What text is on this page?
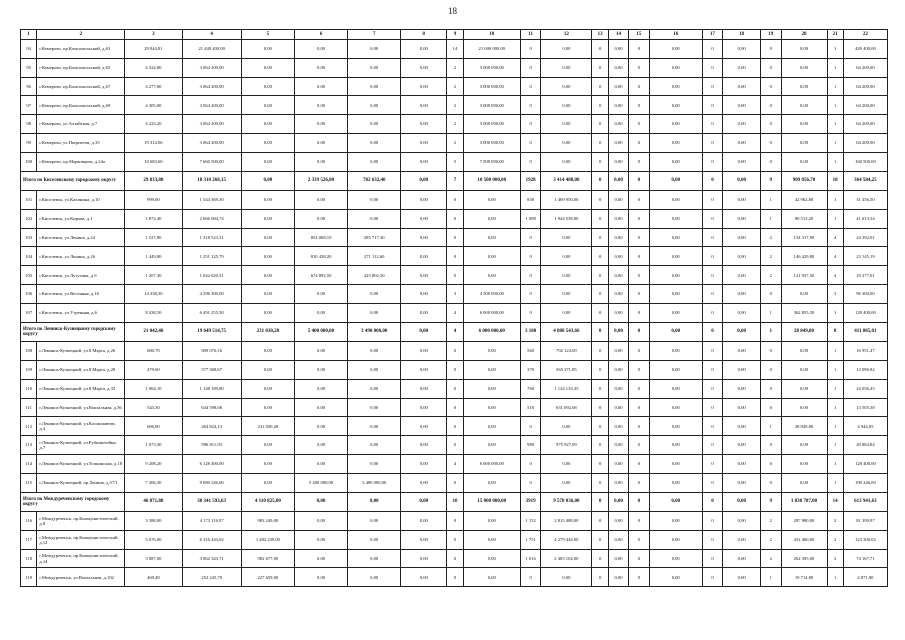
18
1	2	3	4	5	6	7	8	9	10	11	12	13	14	15	16	17	18	19	20	21	22
94	г.Кемерово, пр.Комсомольский, д.63	29 844,81	21 449 400,00	0,00	0,00	0,00	0,00	14	21 000 000,00	0	0,00	0	0,00	0	0,00	0	0,00	0	0,00	1	449 400,00
95	г.Кемерово, пр.Комсомольский, д.65	4 324,80	3 064 200,00	0,00	0,00	0,00	0,00	2	3 000 000,00	0	0,00	0	0,00	0	0,00	0	0,00	0	0,00	1	64 200,00
96	г.Кемерово, пр.Комсомольский, д.67	4 277,00	3 064 200,00	0,00	0,00	0,00	0,00	2	3 000 000,00	0	0,00	0	0,00	0	0,00	0	0,00	0	0,00	1	64 200,00
97	г.Кемерово, пр.Комсомольский, д.69	4 305,00	3 064 200,00	0,00	0,00	0,00	0,00	2	3 000 000,00	0	0,00	0	0,00	0	0,00	0	0,00	0	0,00	1	64 200,00
98	г.Кемерово, ул.Алтайская, д.7	4 223,20	3 064 200,00	0,00	0,00	0,00	0,00	2	3 000 000,00	0	0,00	0	0,00	0	0,00	0	0,00	0	0,00	1	64 200,00
99	г.Кемерово, ул.Патриотов, д.35	19 314,06	3 064 200,00	0,00	0,00	0,00	0,00	2	3 000 000,00	0	0,00	0	0,00	0	0,00	0	0,00	0	0,00	1	64 200,00
100	г.Кемерово, пр.Марковцева, д.24а	10 683,60	7 660 500,00	0,00	0,00	0,00	0,00	5	7 500 000,00	0	0,00	0	0,00	0	0,00	0	0,00	0	0,00	1	160 500,00
Итого по Киселевскому городскому округу		29 833,80	18 310 268,15	0,00	2 339 526,80	782 632,40	0,00	7	10 500 000,00	1928	3 414 488,00	0	0,00	0	0,00	0	0,00	9	909 056,70	18	364 584,25
101	г.Киселевск, ул.Калинина, д.10	999,60	1 544 369,30	0,00	0,00	0,00	0,00	0	0,00	830	1 469 950,00	0	0,00	0	0,00	0	0,00	1	42 962,80	1	31 456,50
102	г.Киселевск, ул.Кирова, д.1	1 872,40	2 066 084,74	0,00	0,00	0,00	0,00	0	0,00	1 098	1 944 558,00	0	0,00	0	0,00	0	0,00	1	80 513,20	1	41 613,54
103	г.Киселевск, ул.Ленина, д.24	1 527,90	1 318 523,31	0,00	854 068,10	285 717,30	0,00	0	0,00	0	0,00	0	0,00	0	0,00	0	0,00	2	154 317,99	4	24 392,01
104	г.Киселевск, ул.Ленина, д.26	1 449,80	1 251 125,79	0,00	810 438,20	271 112,60	0,00	0	0,00	0	0,00	0	0,00	0	0,00	0	0,00	2	146 429,80	4	23 145,19
105	г.Киселевск, ул.Лутугина, д.9	1 207,30	1 042 020,51	0,00	674 892,50	225 802,50	0,00	0	0,00	0	0,00	0	0,00	0	0,00	0	0,00	2	121 937,50	4	19 277,01
106	г.Киселевск, ул.Весенняя, д.16	14 338,30	4 596 300,00	0,00	0,00	0,00	0,00	3	4 500 000,00	0	0,00	0	0,00	0	0,00	0	0,00	0	0,00	3	96 300,00
107	г.Киселевск, ул.Утренняя, д.6	8 438,50	6 491 255,50	0,00	0,00	0,00	0,00	4	6 000 000,00	0	0,00	0	0,00	0	0,00	0	0,00	1	362 855,50	1	128 400,00
Итого по Ленинск-Кузнецкому городскому округу		21 042,40	19 649 514,75	231 030,28	5 400 000,00	3 490 000,00	0,00	4	6 000 000,00	3 180	4 088 543,66	0	0,00	0	0,00	0	0,00	1	28 849,80	8	411 085,01
108	г.Ленинск-Кузнецкий, ул.8 Марта, д.26	680,70	809 076,16	0,00	0,00	0,00	0,00	0	0,00	560	792 124,69	0	0,00	0	0,00	0	0,00	0	0,00	1	16 951,47
109	г.Ленинск-Кузнецкий, ул.8 Марта, д.28	479,60	577 368,67	0,00	0,00	0,00	0,00	0	0,00	370	565 271,85	0	0,00	0	0,00	0	0,00	0	0,00	1	12 096,82
110	г.Ленинск-Кузнецкий, ул.8 Марта, д.33	1 064,10	1 148 189,80	0,00	0,00	0,00	0,00	0	0,00	760	1 124 133,35	0	0,00	0	0,00	0	0,00	0	0,00	1	24 056,45
111	г.Ленинск-Кузнецкий, ул.Вокзальная, д.56	543,30	644 598,06	0,00	0,00	0,00	0,00	0	0,00	510	631 092,68	0	0,00	0	0,00	0	0,00	0	0,00	1	13 505,38
112	г.Ленинск-Кузнецкий, ул.Космонавтов, д.4	686,90	264 824,13	231 030,28	0,00	0,00	0,00	0	0,00	0	0,00	0	0,00	0	0,00	0	0,00	1	28 849,80	1	4 944,05
113	г.Ленинск-Кузнецкий, ул.Рубинштейна, д.7	1 073,30	996 811,93	0,00	0,00	0,00	0,00	0	0,00	980	975 927,09	0	0,00	0	0,00	0	0,00	0	0,00	1	20 884,84
114	г.Ленинск-Кузнецкий, ул.Топкинская, д.18	9 208,20	6 128 400,00	0,00	0,00	0,00	0,00	4	6 000 000,00	0	0,00	0	0,00	0	0,00	0	0,00	0	0,00	1	128 400,00
115	г.Ленинск-Кузнецкий, пр.Ленина, д.57/1	7 306,30	9 080 246,00	0,00	5 400 000,00	3 490 000,00	0,00	0	0,00	0	0,00	0	0,00	0	0,00	0	0,00	0	0,00	1	190 246,00
Итого по Междуреченскому городскому округу		46 871,80	30 341 593,63	4 110 825,00	0,00	0,00	0,00	10	15 000 000,00	3919	9 578 036,00	0	0,00	0	0,00	0	0,00	9	1 038 787,00	14	613 941,63
116	г.Междуреченск, пр.Коммунистический, д.8	3 388,00	4 173 116,97	983 249,00	0,00	0,00	0,00	0	0,00	1 152	2 815 488,00	0	0,00	0	0,00	0	0,00	2	287 980,00	2	81 399,97
117	г.Междуреченск, пр.Коммунистический, д.12	5 076,00	6 316 443,02	1 482 239,00	0,00	0,00	0,00	0	0,00	1 751	4 279 444,00	0	0,00	0	0,00	0	0,00	2	431 460,00	2	123 300,02
118	г.Междуреченск, пр.Коммунистический, д.14	3 087,00	3 862 343,71	982 677,00	0,00	0,00	0,00	0	0,00	1 016	2 483 104,00	0	0,00	0	0,00	0	0,00	2	262 395,00	2	74 167,71
119	г.Междуреченск, ул.Вокзальная, д.102	469,49	252 245,70	227 659,00	0,00	0,00	0,00	0	0,00	0	0,00	0	0,00	0	0,00	0	0,00	1	19 714,80	1	4 871,90
